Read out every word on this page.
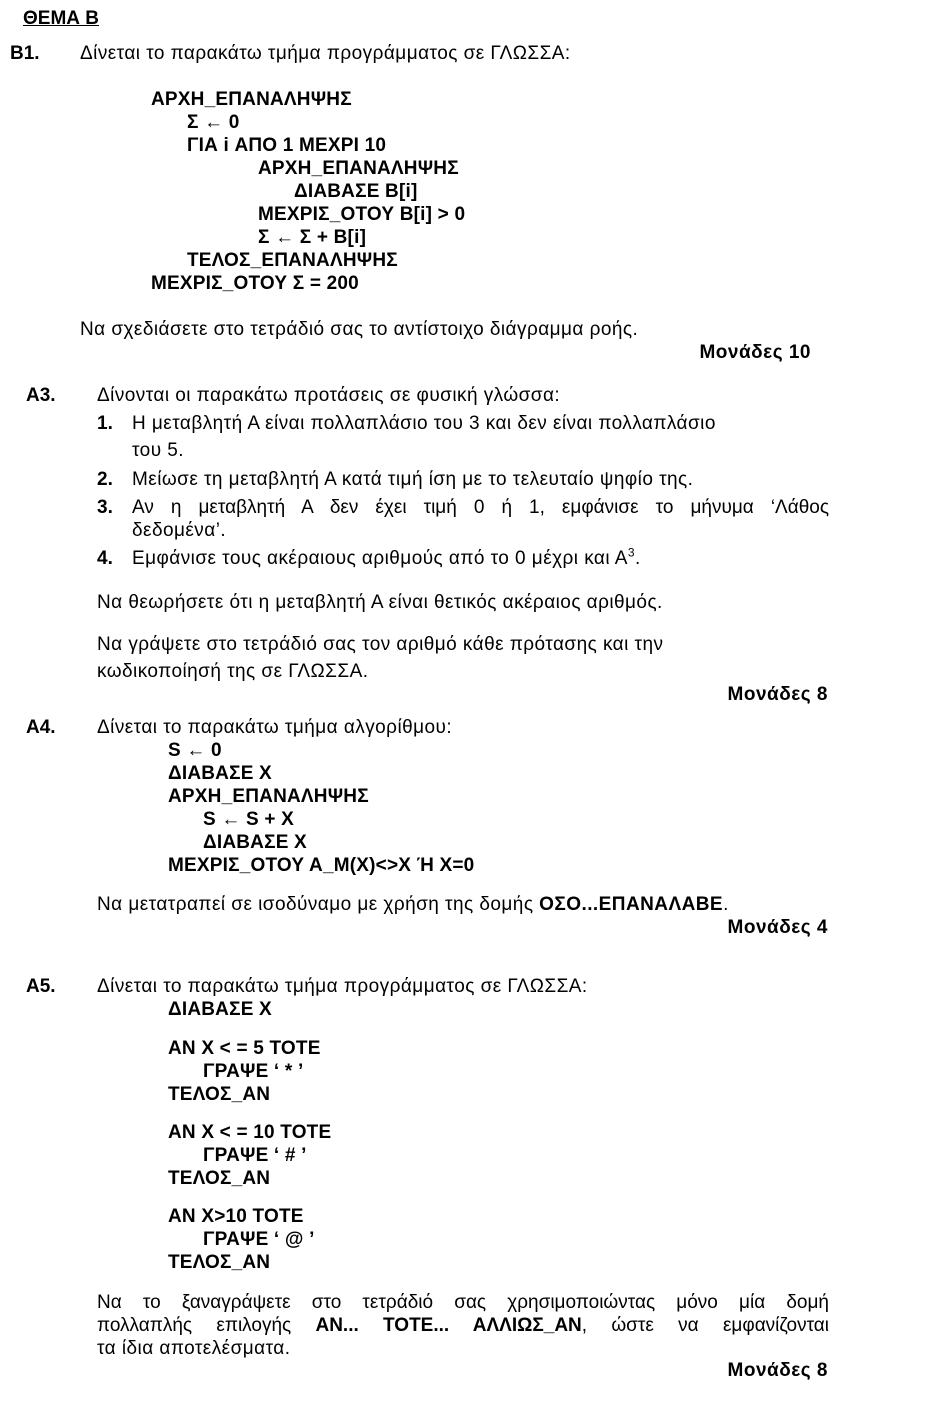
ΘΕΜΑ Β
Β1. Δίνεται το παρακάτω τμήμα προγράμματος σε ΓΛΩΣΣΑ:
ΑΡΧΗ_ΕΠΑΝΑΛΗΨΗΣ
Σ ← 0
ΓΙΑ i ΑΠΟ 1 ΜΕΧΡΙ 10
ΑΡΧΗ_ΕΠΑΝΑΛΗΨΗΣ
ΔΙΑΒΑΣΕ Β[i]
ΜΕΧΡΙΣ_ΟΤΟΥ Β[i] > 0
Σ ← Σ + Β[i]
ΤΕΛΟΣ_ΕΠΑΝΑΛΗΨΗΣ
ΜΕΧΡΙΣ_ΟΤΟΥ Σ = 200
Να σχεδιάσετε στο τετράδιό σας το αντίστοιχο διάγραμμα ροής.
Μονάδες 10
Α3. Δίνονται οι παρακάτω προτάσεις σε φυσική γλώσσα:
1. Η μεταβλητή Α είναι πολλαπλάσιο του 3 και δεν είναι πολλαπλάσιο
του 5.
2. Μείωσε τη μεταβλητή Α κατά τιμή ίση με το τελευταίο ψηφίο της.
3. Αν η μεταβλητή Α δεν έχει τιμή 0 ή 1, εμφάνισε το μήνυμα ‘Λάθος
δεδομένα’.
4. Εμφάνισε τους ακέραιους αριθμούς από το 0 μέχρι και $A^3$.
Να θεωρήσετε ότι η μεταβλητή Α είναι θετικός ακέραιος αριθμός.
Να γράψετε στο τετράδιό σας τον αριθμό κάθε πρότασης και την
κωδικοποίησή της σε ΓΛΩΣΣΑ.
Μονάδες 8
Α4. Δίνεται το παρακάτω τμήμα αλγορίθμου:
S ← 0
ΔΙΑΒΑΣΕ Χ
ΑΡΧΗ_ΕΠΑΝΑΛΗΨΗΣ
S ← S + X
ΔΙΑΒΑΣΕ Χ
ΜΕΧΡΙΣ_ΟΤΟΥ Α_Μ(Χ)<>Χ Ή Χ=0
Να μετατραπεί σε ισοδύναμο με χρήση της δομής ΟΣΟ...ΕΠΑΝΑΛΑΒΕ.
Μονάδες 4
Α5. Δίνεται το παρακάτω τμήμα προγράμματος σε ΓΛΩΣΣΑ:
ΔΙΑΒΑΣΕ Χ
ΑΝ Χ < = 5 ΤΟΤΕ
ΓΡΑΨΕ ‘ * ’
ΤΕΛΟΣ_ΑΝ
ΑΝ Χ < = 10 ΤΟΤΕ
ΓΡΑΨΕ ‘ # ’
ΤΕΛΟΣ_ΑΝ
ΑΝ Χ>10 ΤΟΤΕ
ΓΡΑΨΕ ‘ @ ’
ΤΕΛΟΣ_ΑΝ
Να το ξαναγράψετε στο τετράδιό σας χρησιμοποιώντας μόνο μία δομή
πολλαπλής επιλογής ΑΝ... ΤΟΤΕ... ΑΛΛΙΩΣ_ΑΝ, ώστε να εμφανίζονται
τα ίδια αποτελέσματα.
Μονάδες 8
